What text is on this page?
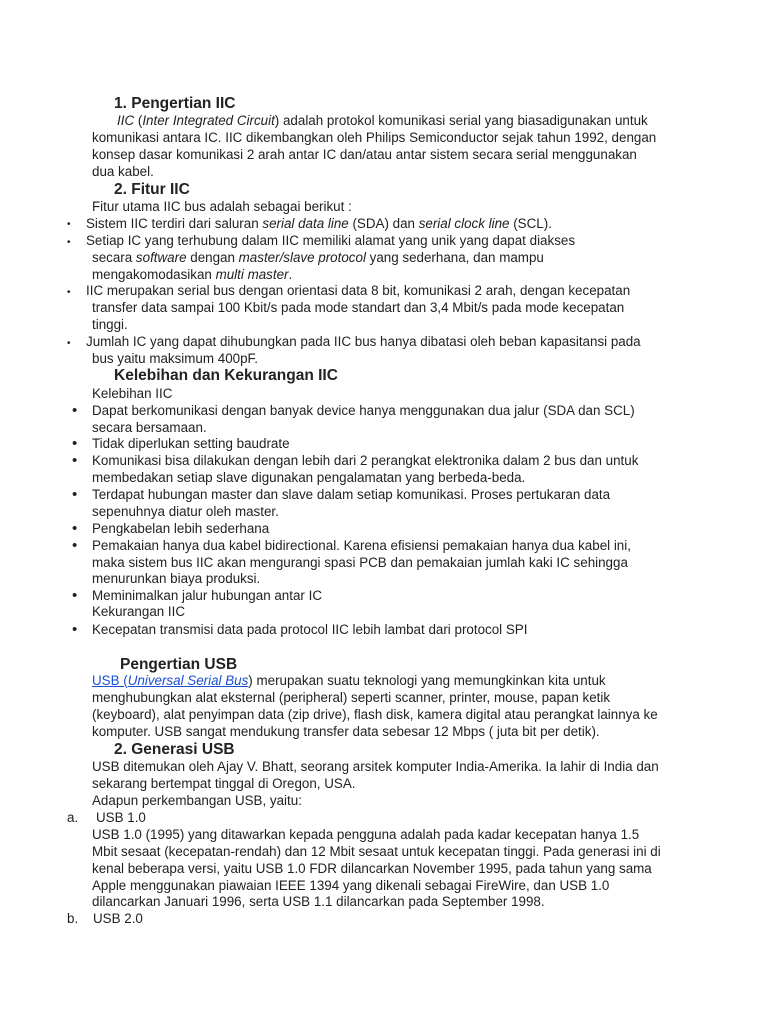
1. Pengertian IIC
IIC (Inter Integrated Circuit) adalah protokol komunikasi serial yang biasadigunakan untuk
komunikasi antara IC. IIC dikembangkan oleh Philips Semiconductor sejak tahun 1992, dengan
konsep dasar komunikasi 2 arah antar IC dan/atau antar sistem secara serial menggunakan
dua kabel.
2. Fitur IIC
Fitur utama IIC bus adalah sebagai berikut :
• Sistem IIC terdiri dari saluran serial data line (SDA) dan serial clock line (SCL).
• Setiap IC yang terhubung dalam IIC memiliki alamat yang unik yang dapat diakses
secara software dengan master/slave protocol yang sederhana, dan mampu
mengakomodasikan multi master.
• IIC merupakan serial bus dengan orientasi data 8 bit, komunikasi 2 arah, dengan kecepatan
transfer data sampai 100 Kbit/s pada mode standart dan 3,4 Mbit/s pada mode kecepatan
tinggi.
• Jumlah IC yang dapat dihubungkan pada IIC bus hanya dibatasi oleh beban kapasitansi pada
bus yaitu maksimum 400pF.
Kelebihan dan Kekurangan IIC
Kelebihan IIC
• Dapat berkomunikasi dengan banyak device hanya menggunakan dua jalur (SDA dan SCL)
secara bersamaan.
• Tidak diperlukan setting baudrate
• Komunikasi bisa dilakukan dengan lebih dari 2 perangkat elektronika dalam 2 bus dan untuk
membedakan setiap slave digunakan pengalamatan yang berbeda-beda.
• Terdapat hubungan master dan slave dalam setiap komunikasi. Proses pertukaran data
sepenuhnya diatur oleh master.
• Pengkabelan lebih sederhana
• Pemakaian hanya dua kabel bidirectional. Karena efisiensi pemakaian hanya dua kabel ini,
maka sistem bus IIC akan mengurangi spasi PCB dan pemakaian jumlah kaki IC sehingga
menurunkan biaya produksi.
• Meminimalkan jalur hubungan antar IC
Kekurangan IIC
• Kecepatan transmisi data pada protocol IIC lebih lambat dari protocol SPI
Pengertian USB
USB (Universal Serial Bus) merupakan suatu teknologi yang memungkinkan kita untuk
menghubungkan alat eksternal (peripheral) seperti scanner, printer, mouse, papan ketik
(keyboard), alat penyimpan data (zip drive), flash disk, kamera digital atau perangkat lainnya ke
komputer. USB sangat mendukung transfer data sebesar 12 Mbps ( juta bit per detik).
2. Generasi USB
USB ditemukan oleh Ajay V. Bhatt, seorang arsitek komputer India-Amerika. Ia lahir di India dan
sekarang bertempat tinggal di Oregon, USA.
Adapun perkembangan USB, yaitu:
a. USB 1.0
USB 1.0 (1995) yang ditawarkan kepada pengguna adalah pada kadar kecepatan hanya 1.5
Mbit sesaat (kecepatan-rendah) dan 12 Mbit sesaat untuk kecepatan tinggi. Pada generasi ini di
kenal beberapa versi, yaitu USB 1.0 FDR dilancarkan November 1995, pada tahun yang sama
Apple menggunakan piawaian IEEE 1394 yang dikenali sebagai FireWire, dan USB 1.0
dilancarkan Januari 1996, serta USB 1.1 dilancarkan pada September 1998.
b. USB 2.0
